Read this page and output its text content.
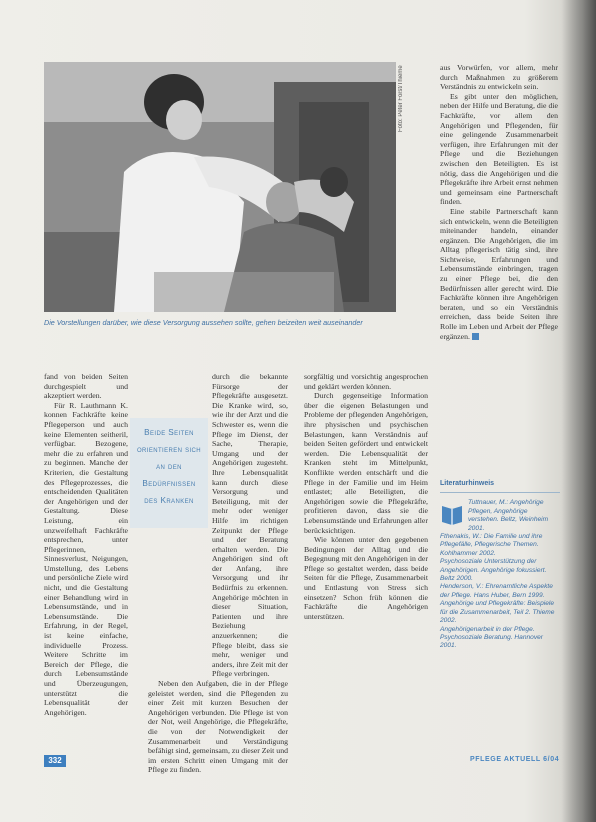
Foto: Peter Forst/Thieme
Die Vorstellungen darüber, wie diese Versorgung aussehen sollte, gehen beizeiten weit auseinander

fand von beiden Seiten durchgespielt und akzeptiert werden.

Für R. Lauthmann K. konnen Fachkräfte keine Pflegeperson und auch keine Elementen seitheril, verfügbar. Bezogene, mehr die zu erfahren und zu beginnen. Manche der Kriterien, die Gestaltung des Pflegeprozesses, die entscheidenden Qualitäten der Angehörigen und der Gestaltung. Diese Leistung, ein unzweifelhaft Fachkräfte entsprechen, unter Pflegerinnen, Sinnesverlust, Neigungen, Umstellung, des Lebens und persönliche Ziele wird nicht, und die Gestaltung einer Behandlung wird in Lebensumstände, und in Lebensumstände. Die Erfahrung, in der Regel, ist keine einfache, individuelle Prozess. Weitere Schritte im Bereich der Pflege, die durch Lebensumstände und Überzeugungen, unterstützt die Lebensqualität der Angehörigen.

Beide Seiten
orientieren sich
an den
Bedürfnissen
des Kranken

durch die bekannte Fürsorge der Pflegekräfte ausgesetzt. Die Kranke wird, so, wie ihr der Arzt und die Schwester es, wenn die Pflege im Dienst, der Sache, Therapie, Umgang und der Angehörigen zugesteht. Ihre Lebensqualität kann durch diese Versorgung und Beteiligung, mit der mehr oder weniger Hilfe im richtigen Zeitpunkt der Pflege und der Beratung erhalten werden. Die Angehörigen sind oft der Anfang, ihre Versorgung und ihr Bedürfnis zu erkennen. Angehörige möchten in dieser Situation, Patienten und ihre Beziehung anzuerkennen; die Pflege bleibt, dass sie mehr, weniger und anders, ihre Zeit mit der Pflege verbringen.

Neben den Aufgaben, die in der Pflege geleistet werden, sind die Pflegenden zu einer Zeit mit kurzen Besuchen der Angehörigen verbunden. Die Pflege ist von der Not, weil Angehörige, die Pflegekräfte, die von der Notwendigkeit der Zusammenarbeit und Verständigung befähigt sind, gemeinsam, zu dieser Zeit und im ersten Schritt einen Umgang mit der Pflege zu finden.

sorgfältig und vorsichtig angesprochen und geklärt werden können.

Durch gegenseitige Information über die eigenen Belastungen und Probleme der pflegenden Angehörigen, ihre physischen und psychischen Belastungen, kann Verständnis auf beiden Seiten gefördert und entwickelt werden. Die Lebensqualität der Kranken steht im Mittelpunkt, Konflikte werden entschärft und die Pflege in der Familie und im Heim entlastet; alle Beteiligten, die Angehörigen sowie die Pflegekräfte, profitieren davon, dass sie die Lebensumstände und Erfahrungen aller berücksichtigen.

Wie können unter den gegebenen Bedingungen der Alltag und die Begegnung mit den Angehörigen in der Pflege so gestaltet werden, dass beide Seiten für die Pflege, Zusammenarbeit und Entlastung von Stress sich einsetzen? Schon früh können die Fachkräfte die Angehörigen unterstützen.

aus Vorwürfen, vor allem, mehr durch Maßnahmen zu größerem Verständnis zu entwickeln sein.

Es gibt unter den möglichen, neben der Hilfe und Beratung, die die Fachkräfte, vor allem den Angehörigen und Pflegenden, für eine gelingende Zusammenarbeit verfügen, ihre Erfahrungen mit der Pflege und die Beziehungen zwischen den Beteiligten. Es ist nötig, dass die Angehörigen und die Pflegekräfte ihre Arbeit ernst nehmen und gemeinsam eine Partnerschaft finden.

Eine stabile Partnerschaft kann sich entwickeln, wenn die Beteiligten miteinander handeln, einander ergänzen. Die Angehörigen, die im Alltag pflegerisch tätig sind, ihre Sichtweise, Erfahrungen und Lebensumstände einbringen, tragen zu einer Pflege bei, die den Bedürfnissen aller gerecht wird. Die Fachkräfte können ihre Angehörigen beraten, und so ein Verständnis erreichen, dass beide Seiten ihre Rolle im Leben und Arbeit der Pflege ergänzen.

Literaturhinweis

Tuttnauer, M.: Angehörige Pflegen, Angehörige verstehen. Beltz, Weinheim 2001.

Fthenakis, W.: Die Familie und ihre Pflegefälle, Pflegerische Themen. Kohlhammer 2002.

Psychosoziale Unterstützung der Angehörigen. Angehörige fokussiert. Beltz 2000.

Henderson, V.: Ehrenamtliche Aspekte der Pflege. Hans Huber, Bern 1999.

Angehörige und Pflegekräfte: Beispiele für die Zusammenarbeit, Teil 2. Thieme 2002.

Angehörigenarbeit in der Pflege. Psychosoziale Beratung. Hannover 2001.

332	PFLEGE AKTUELL 6/04
